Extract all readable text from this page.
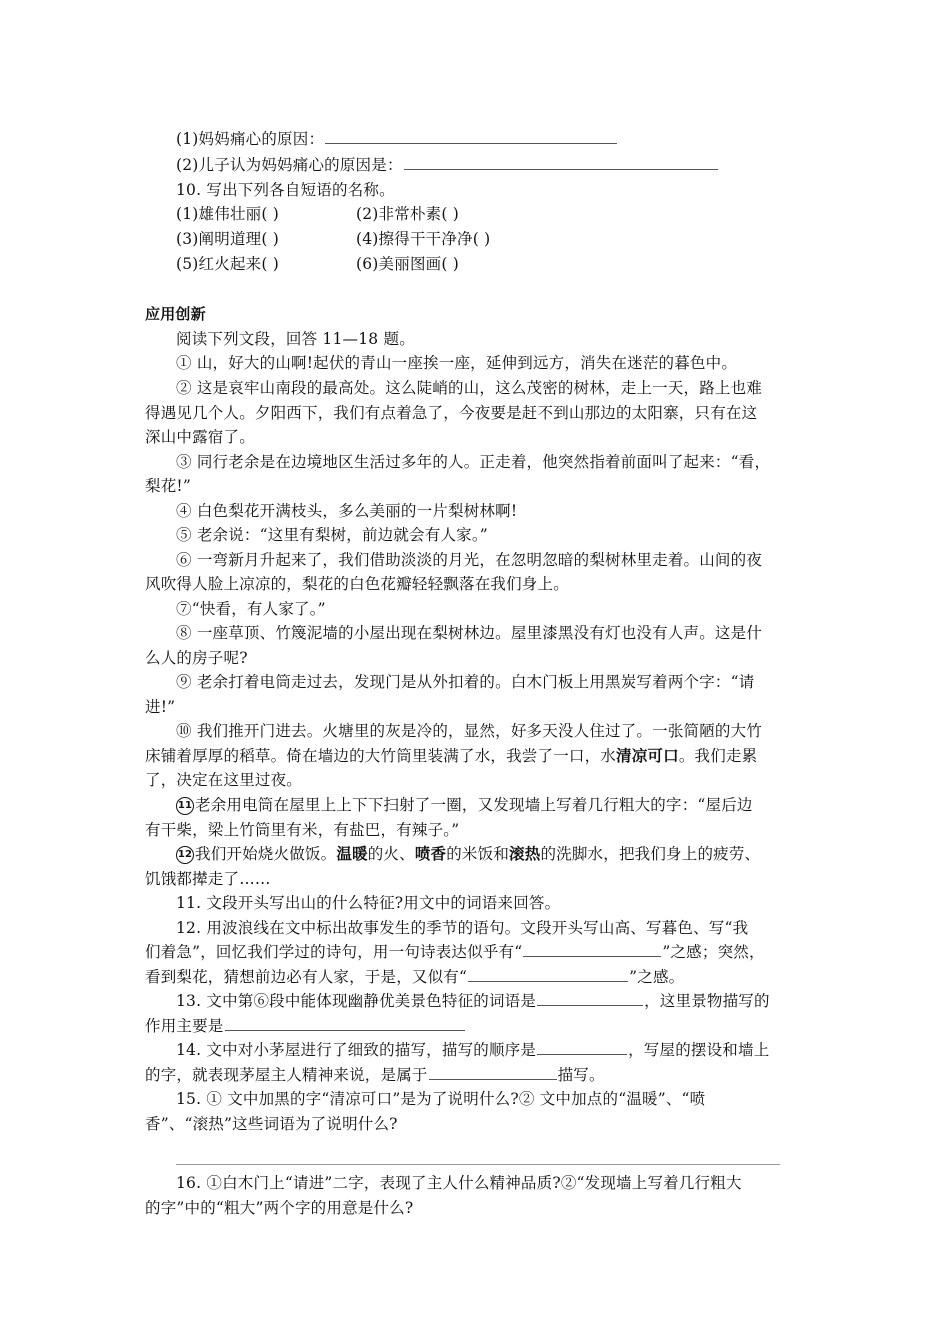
(1)妈妈痛心的原因：
(2)儿子认为妈妈痛心的原因是：
10. 写出下列各自短语的名称。
(1)雄伟壮丽( )	(2)非常朴素( )
(3)阐明道理( )	(4)擦得干干净净( )
(5)红火起来( )	(6)美丽图画( )
应用创新
阅读下列文段，回答 11—18 题。
① 山，好大的山啊!起伏的青山一座挨一座，延伸到远方，消失在迷茫的暮色中。
② 这是哀牢山南段的最高处。这么陡峭的山，这么茂密的树林，走上一天，路上也难
得遇见几个人。夕阳西下，我们有点着急了，今夜要是赶不到山那边的太阳寨，只有在这
深山中露宿了。
③ 同行老余是在边境地区生活过多年的人。正走着，他突然指着前面叫了起来：“看，
梨花!”
④ 白色梨花开满枝头，多么美丽的一片梨树林啊!
⑤ 老余说：“这里有梨树，前边就会有人家。”
⑥ 一弯新月升起来了，我们借助淡淡的月光，在忽明忽暗的梨树林里走着。山间的夜
风吹得人脸上凉凉的，梨花的白色花瓣轻轻飘落在我们身上。
⑦“快看，有人家了。”
⑧ 一座草顶、竹篾泥墙的小屋出现在梨树林边。屋里漆黑没有灯也没有人声。这是什
么人的房子呢?
⑨ 老余打着电筒走过去，发现门是从外扣着的。白木门板上用黑炭写着两个字：“请
进!”
⑩ 我们推开门进去。火塘里的灰是冷的，显然，好多天没人住过了。一张简陋的大竹
床铺着厚厚的稻草。倚在墙边的大竹筒里装满了水，我尝了一口，水清凉可口。我们走累
了，决定在这里过夜。
11 老余用电筒在屋里上上下下扫射了一圈，又发现墙上写着几行粗大的字：“屋后边
有干柴，梁上竹筒里有米，有盐巴，有辣子。”
12 我们开始烧火做饭。温暖的火、喷香的米饭和滚热的洗脚水，把我们身上的疲劳、
饥饿都撵走了……
11. 文段开头写出山的什么特征?用文中的词语来回答。
12. 用波浪线在文中标出故事发生的季节的语句。文段开头写山高、写暮色、写“我
们着急”，回忆我们学过的诗句，用一句诗表达似乎有“	”之感；突然，
看到梨花，猜想前边必有人家，于是，又似有“	”之感。
13. 文中第⑥段中能体现幽静优美景色特征的词语是	，这里景物描写的
作用主要是
14. 文中对小茅屋进行了细致的描写，描写的顺序是	，写屋的摆设和墙上
的字，就表现茅屋主人精神来说，是属于	描写。
15. ① 文中加黑的字“清凉可口”是为了说明什么?② 文中加点的“温暖”、“喷
香”、“滚热”这些词语为了说明什么?
16. ①白木门上“请进”二字，表现了主人什么精神品质?②“发现墙上写着几行粗大
的字”中的“粗大”两个字的用意是什么?
